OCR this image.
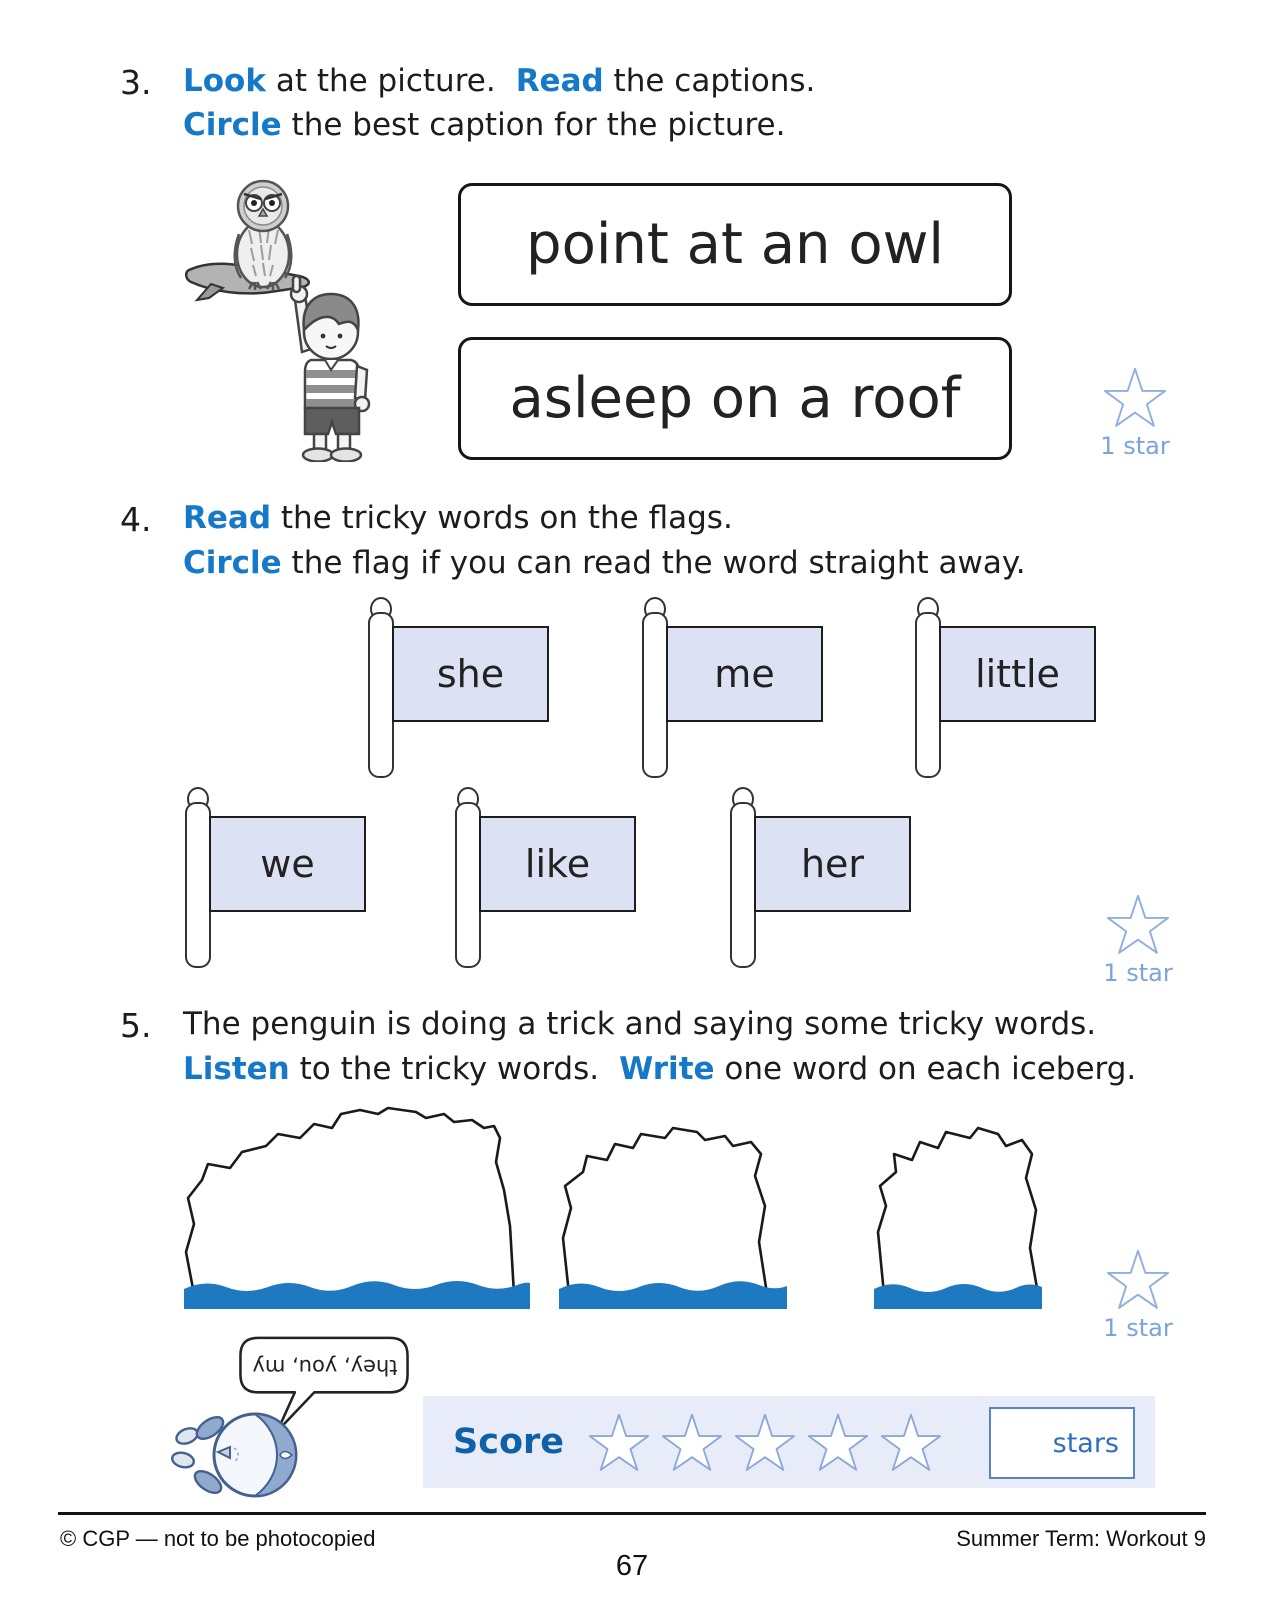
3. Look at the picture. Read the captions.
Circle the best caption for the picture.
point at an owl
asleep on a roof
1 star
4. Read the tricky words on the flags.
Circle the flag if you can read the word straight away.
she	me	little
we	like	her
1 star
5. The penguin is doing a trick and saying some tricky words.
Listen to the tricky words. Write one word on each iceberg.
1 star
they, you, my
Score	stars
© CGP — not to be photocopied	Summer Term: Workout 9
67
